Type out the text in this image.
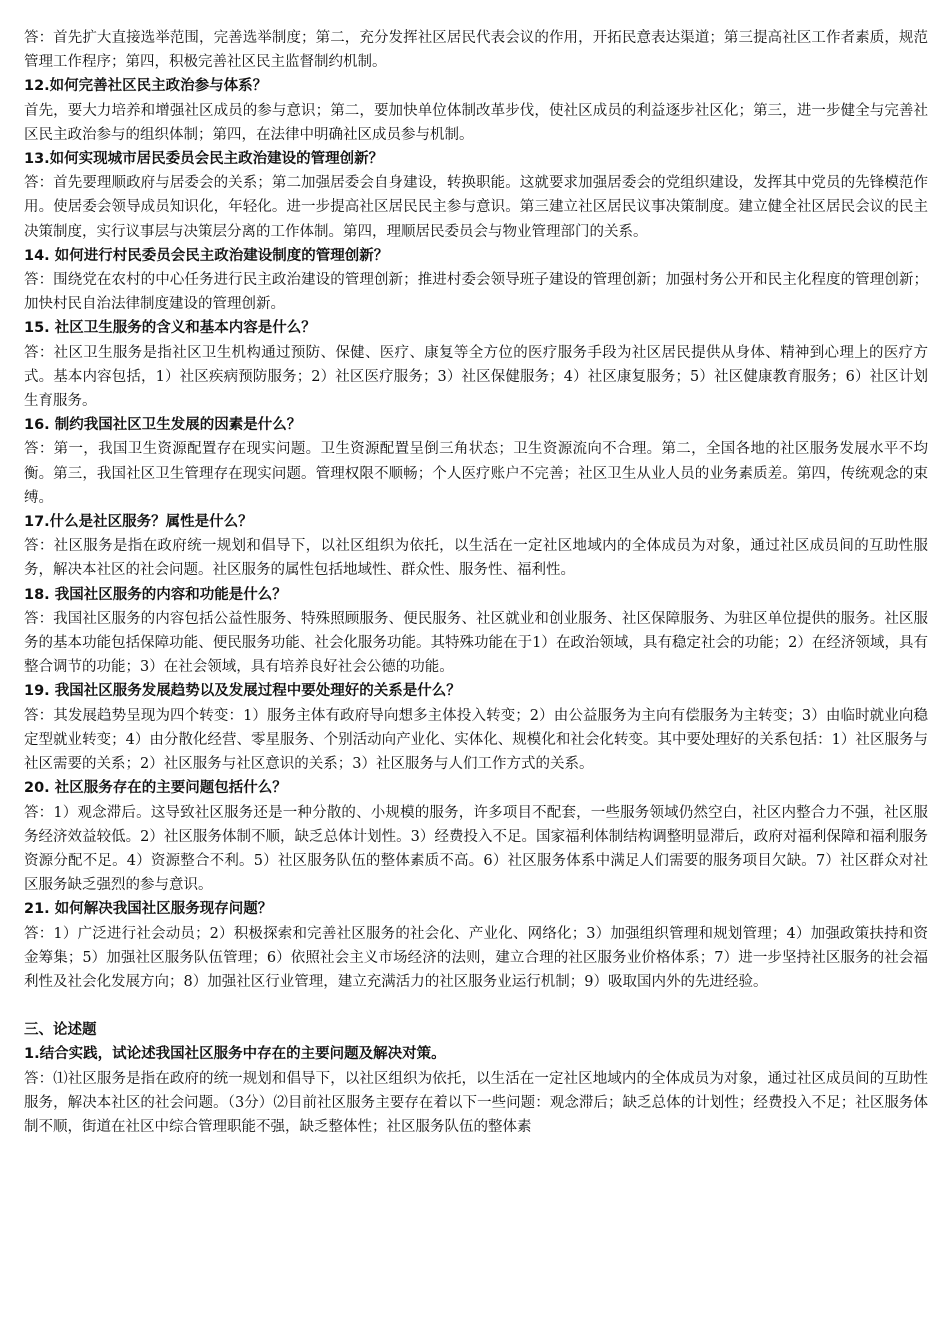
答：首先扩大直接选举范围，完善选举制度；第二，充分发挥社区居民代表会议的作用，开拓民意表达渠道；第三提高社区工作者素质，规范管理工作程序；第四，积极完善社区民主监督制约机制。

12.如何完善社区民主政治参与体系？

首先，要大力培养和增强社区成员的参与意识；第二，要加快单位体制改革步伐，使社区成员的利益逐步社区化；第三，进一步健全与完善社区民主政治参与的组织体制；第四，在法律中明确社区成员参与机制。

13.如何实现城市居民委员会民主政治建设的管理创新？

答：首先要理顺政府与居委会的关系；第二加强居委会自身建设，转换职能。这就要求加强居委会的党组织建设，发挥其中党员的先锋模范作用。使居委会领导成员知识化，年轻化。进一步提高社区居民民主参与意识。第三建立社区居民议事决策制度。建立健全社区居民会议的民主决策制度，实行议事层与决策层分离的工作体制。第四，理顺居民委员会与物业管理部门的关系。

14. 如何进行村民委员会民主政治建设制度的管理创新？

答：围绕党在农村的中心任务进行民主政治建设的管理创新；推进村委会领导班子建设的管理创新；加强村务公开和民主化程度的管理创新；加快村民自治法律制度建设的管理创新。

15. 社区卫生服务的含义和基本内容是什么？

答：社区卫生服务是指社区卫生机构通过预防、保健、医疗、康复等全方位的医疗服务手段为社区居民提供从身体、精神到心理上的医疗方式。基本内容包括，1）社区疾病预防服务；2）社区医疗服务；3）社区保健服务；4）社区康复服务；5）社区健康教育服务；6）社区计划生育服务。

16. 制约我国社区卫生发展的因素是什么？

答：第一，我国卫生资源配置存在现实问题。卫生资源配置呈倒三角状态；卫生资源流向不合理。第二，全国各地的社区服务发展水平不均衡。第三，我国社区卫生管理存在现实问题。管理权限不顺畅；个人医疗账户不完善；社区卫生从业人员的业务素质差。第四，传统观念的束缚。

17.什么是社区服务？属性是什么？

答：社区服务是指在政府统一规划和倡导下，以社区组织为依托，以生活在一定社区地域内的全体成员为对象，通过社区成员间的互助性服务，解决本社区的社会问题。社区服务的属性包括地域性、群众性、服务性、福利性。

18. 我国社区服务的内容和功能是什么？

答：我国社区服务的内容包括公益性服务、特殊照顾服务、便民服务、社区就业和创业服务、社区保障服务、为驻区单位提供的服务。社区服务的基本功能包括保障功能、便民服务功能、社会化服务功能。其特殊功能在于1）在政治领域，具有稳定社会的功能；2）在经济领域，具有整合调节的功能；3）在社会领域，具有培养良好社会公德的功能。

19. 我国社区服务发展趋势以及发展过程中要处理好的关系是什么？

答：其发展趋势呈现为四个转变：1）服务主体有政府导向想多主体投入转变；2）由公益服务为主向有偿服务为主转变；3）由临时就业向稳定型就业转变；4）由分散化经营、零星服务、个别活动向产业化、实体化、规模化和社会化转变。其中要处理好的关系包括：1）社区服务与社区需要的关系；2）社区服务与社区意识的关系；3）社区服务与人们工作方式的关系。

20. 社区服务存在的主要问题包括什么？

答：1）观念滞后。这导致社区服务还是一种分散的、小规模的服务，许多项目不配套，一些服务领域仍然空白，社区内整合力不强，社区服务经济效益较低。2）社区服务体制不顺，缺乏总体计划性。3）经费投入不足。国家福利体制结构调整明显滞后，政府对福利保障和福利服务资源分配不足。4）资源整合不利。5）社区服务队伍的整体素质不高。6）社区服务体系中满足人们需要的服务项目欠缺。7）社区群众对社区服务缺乏强烈的参与意识。

21. 如何解决我国社区服务现存问题？

答：1）广泛进行社会动员；2）积极探索和完善社区服务的社会化、产业化、网络化；3）加强组织管理和规划管理；4）加强政策扶持和资金筹集；5）加强社区服务队伍管理；6）依照社会主义市场经济的法则，建立合理的社区服务业价格体系；7）进一步坚持社区服务的社会福利性及社会化发展方向；8）加强社区行业管理，建立充满活力的社区服务业运行机制；9）吸取国内外的先进经验。

三、论述题

1.结合实践，试论述我国社区服务中存在的主要问题及解决对策。

答：⑴社区服务是指在政府的统一规划和倡导下，以社区组织为依托，以生活在一定社区地域内的全体成员为对象，通过社区成员间的互助性服务，解决本社区的社会问题。（3分）⑵目前社区服务主要存在着以下一些问题：观念滞后；缺乏总体的计划性；经费投入不足；社区服务体制不顺，街道在社区中综合管理职能不强，缺乏整体性；社区服务队伍的整体素
